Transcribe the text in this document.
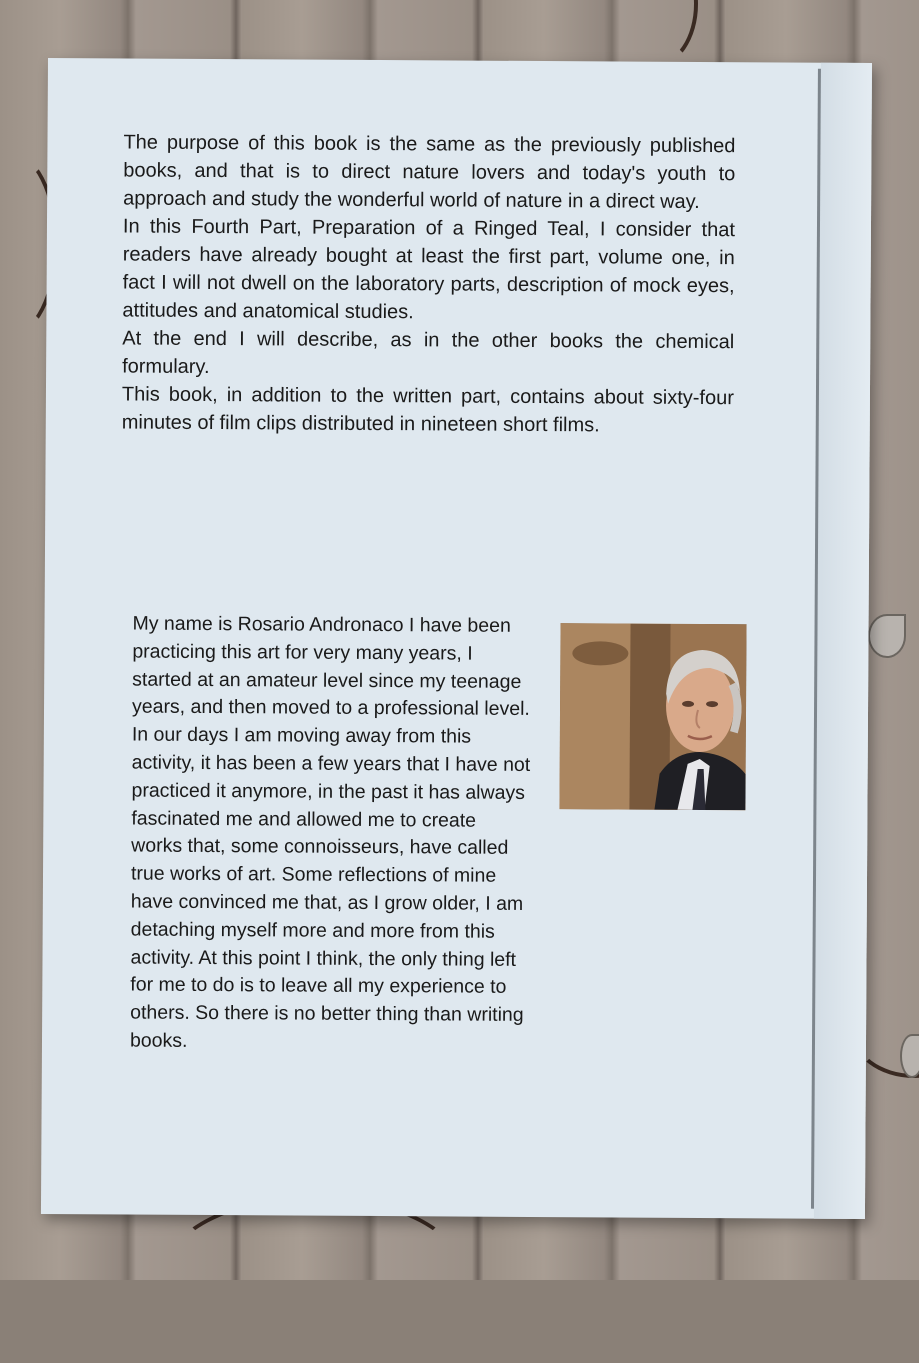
The purpose of this book is the same as the previously published books, and that is to direct nature lovers and today's youth to approach and study the wonderful world of nature in a direct way.

In this Fourth Part, Preparation of a Ringed Teal, I consider that readers have already bought at least the first part, volume one, in fact I will not dwell on the laboratory parts, description of mock eyes, attitudes and anatomical studies.

At the end I will describe, as in the other books the chemical formulary.

This book, in addition to the written part, contains about sixty-four minutes of film clips distributed in nineteen short films.

My name is Rosario Andronaco I have been practicing this art for very many years, I started at an amateur level since my teenage years, and then moved to a professional level. In our days I am moving away from this activity, it has been a few years that I have not practiced it anymore, in the past it has always fascinated me and allowed me to create works that, some connoisseurs, have called true works of art. Some reflections of mine have convinced me that, as I grow older, I am detaching myself more and more from this activity. At this point I think, the only thing left for me to do is to leave all my experience to others. So there is no better thing than writing books.
